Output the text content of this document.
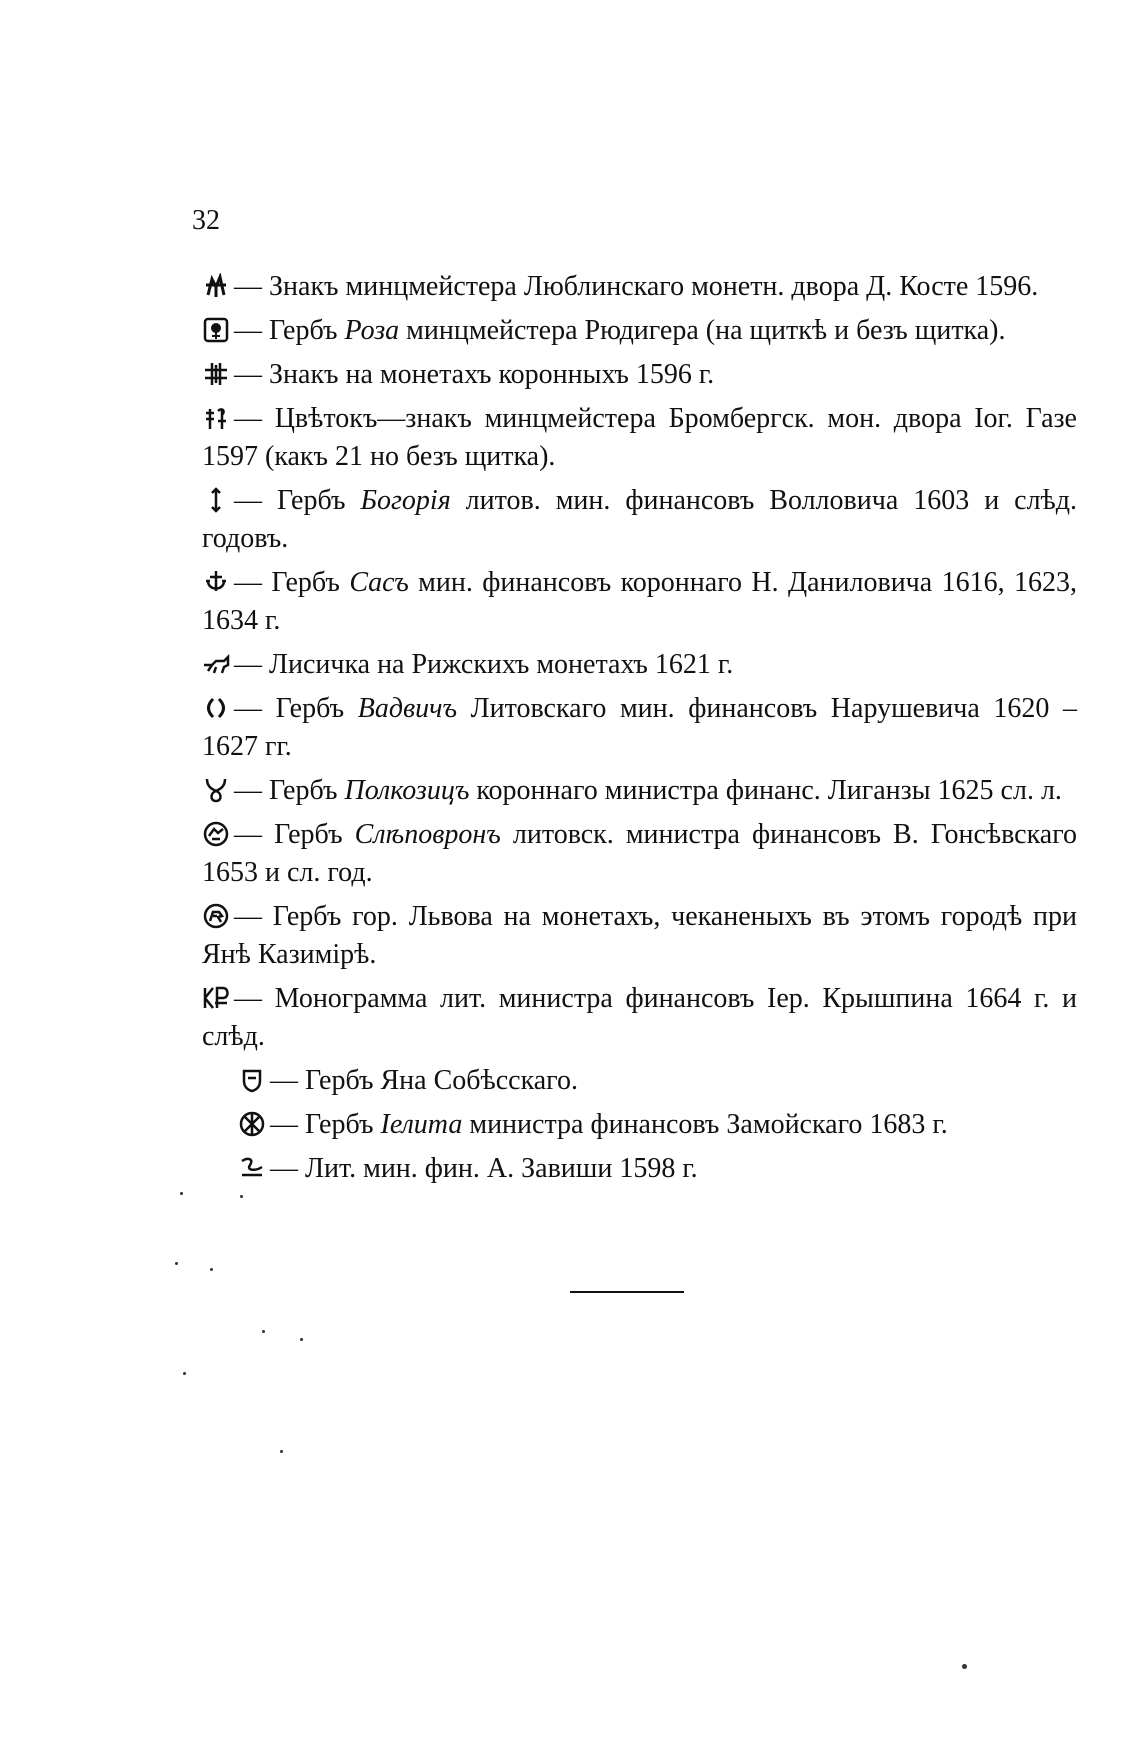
32

— Знакъ минцмейстера Люблинскаго монетн. двора Д. Косте 1596.

— Гербъ Роза минцмейстера Рюдигера (на щиткѣ и безъ щитка).

— Знакъ на монетахъ коронныхъ 1596 г.

— Цвѣтокъ—знакъ минцмейстера Бромбергск. мон. двора Іог. Газе 1597 (какъ 21 но безъ щитка).

— Гербъ Богорія литов. мин. финансовъ Волловича 1603 и слѣд. годовъ.

— Гербъ Сасъ мин. финансовъ короннаго Н. Даниловича 1616, 1623, 1634 г.

— Лисичка на Рижскихъ монетахъ 1621 г.

— Гербъ Вадвичъ Литовскаго мин. финансовъ Нарушевича 1620 – 1627 гг.

— Гербъ Полкозицъ короннаго министра финанс. Лиганзы 1625 сл. л.

— Гербъ Слѣповронъ литовск. министра финансовъ В. Гонсѣвскаго 1653 и сл. год.

— Гербъ гор. Львова на монетахъ, чеканеныхъ въ этомъ городѣ при Янѣ Казимірѣ.

— Монограмма лит. министра финансовъ Іер. Крышпина 1664 г. и слѣд.

— Гербъ Яна Собѣсскаго.

— Гербъ Іелита министра финансовъ Замойскаго 1683 г.

— Лит. мин. фин. А. Завиши 1598 г.
